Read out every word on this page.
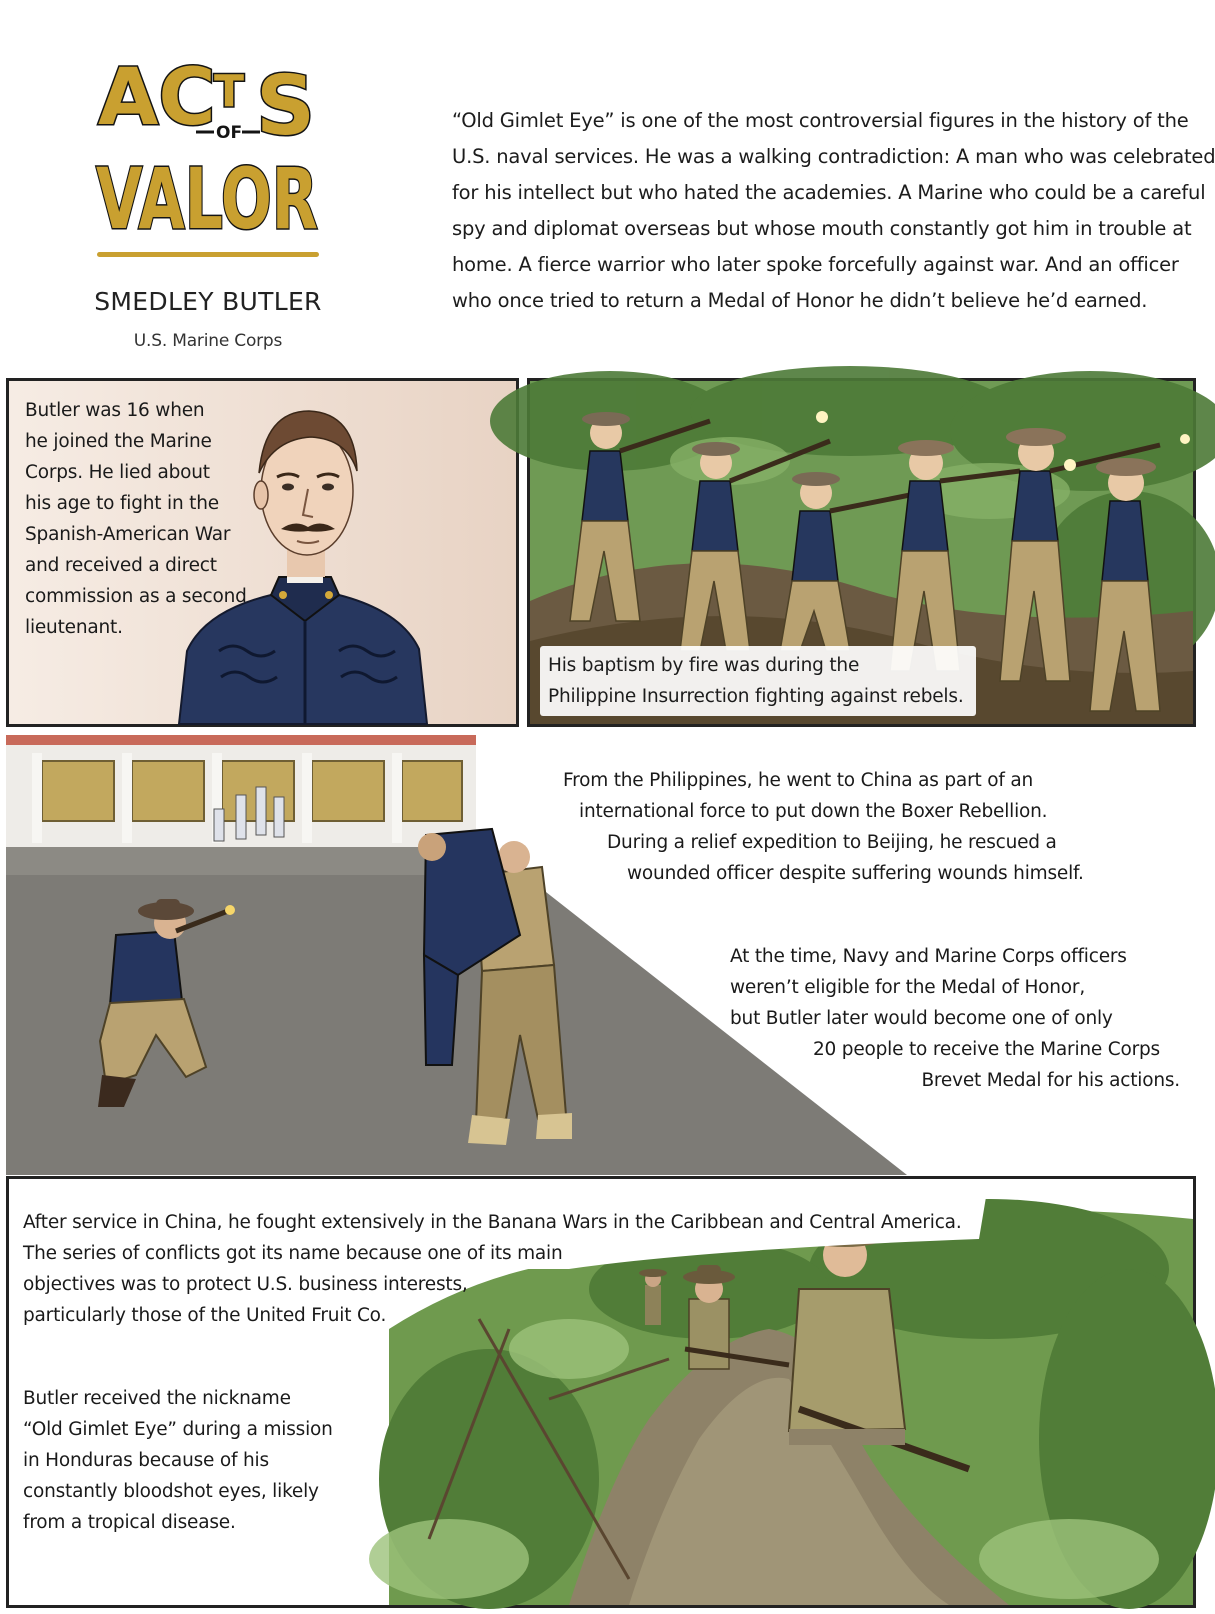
AC
T S
OF
VALOR
SMEDLEY BUTLER
U.S. Marine Corps
“Old Gimlet Eye” is one of the most controversial figures in the history of the
U.S. naval services. He was a walking contradiction: A man who was celebrated
for his intellect but who hated the academies. A Marine who could be a careful
spy and diplomat overseas but whose mouth constantly got him in trouble at
home. A fierce warrior who later spoke forcefully against war. And an officer
who once tried to return a Medal of Honor he didn’t believe he’d earned.
Butler was 16 when
he joined the Marine
Corps. He lied about
his age to fight in the
Spanish-American War
and received a direct
commission as a second
lieutenant.
His baptism by fire was during the
Philippine Insurrection fighting against rebels.
From the Philippines, he went to China as part of an
international force to put down the Boxer Rebellion.
During a relief expedition to Beijing, he rescued a
wounded officer despite suffering wounds himself.
At the time, Navy and Marine Corps officers
weren’t eligible for the Medal of Honor,
but Butler later would become one of only
20 people to receive the Marine Corps
Brevet Medal for his actions.
After service in China, he fought extensively in the Banana Wars in the Caribbean and Central America.
The series of conflicts got its name because one of its main
objectives was to protect U.S. business interests,
particularly those of the United Fruit Co.
Butler received the nickname
“Old Gimlet Eye” during a mission
in Honduras because of his
constantly bloodshot eyes, likely
from a tropical disease.
